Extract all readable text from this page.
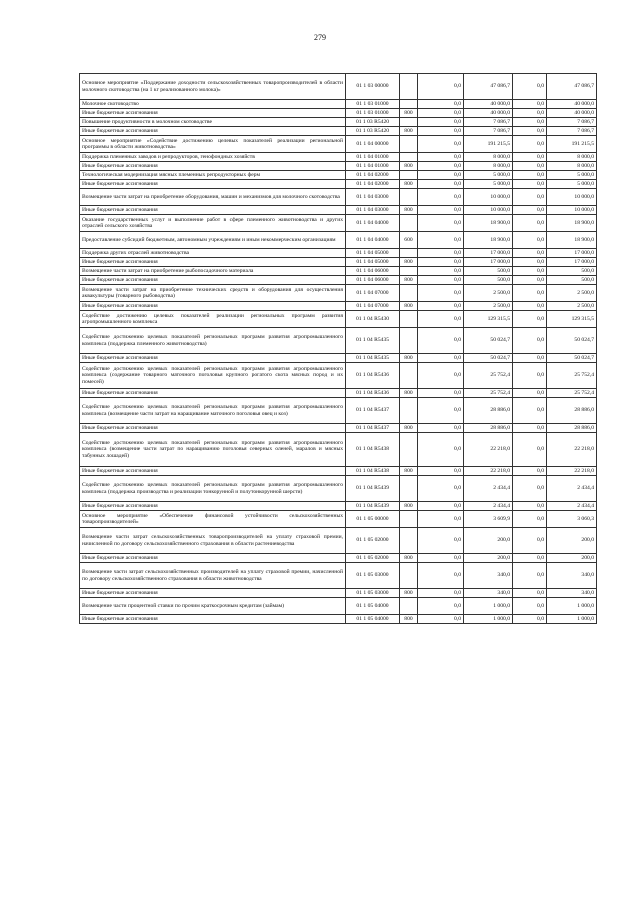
279
Основное мероприятие «Поддержание доходности сельскохозяйственных товаропроизводителей в области молочного скотоводства (на 1 кг реализованного молока)»	01 1 03 00000		0,0	47 086,7	0,0	47 086,7
Молочное скотоводство	01 1 03 01000		0,0	40 000,0	0,0	40 000,0
Иные бюджетные ассигнования	01 1 03 01000	800	0,0	40 000,0	0,0	40 000,0
Повышение продуктивности в молочном скотоводстве	01 1 03 R5420		0,0	7 086,7	0,0	7 086,7
Иные бюджетные ассигнования	01 1 03 R5420	800	0,0	7 086,7	0,0	7 086,7
Основное мероприятие «Содействие достижению целевых показателей реализации региональной программы в области животноводства»	01 1 04 00000		0,0	191 215,5	0,0	191 215,5
Поддержка племенных заводов и репродукторов, генофондных хозяйств	01 1 04 01000		0,0	8 000,0	0,0	8 000,0
Иные бюджетные ассигнования	01 1 04 01000	800	0,0	8 000,0	0,0	8 000,0
Технологическая модернизация мясных племенных репродукторных ферм	01 1 04 02000		0,0	5 000,0	0,0	5 000,0
Иные бюджетные ассигнования	01 1 04 02000	800	0,0	5 000,0	0,0	5 000,0
Возмещение части затрат на приобретение оборудования, машин и механизмов для молочного скотоводства	01 1 04 03000		0,0	10 000,0	0,0	10 000,0
Иные бюджетные ассигнования	01 1 04 03000	800	0,0	10 000,0	0,0	10 000,0
Оказание государственных услуг и выполнение работ в сфере племенного животноводства и других отраслей сельского хозяйства	01 1 04 04000		0,0	18 900,0	0,0	18 900,0
Предоставление субсидий бюджетным, автономным учреждениям и иным некоммерческим организациям	01 1 04 04000	600	0,0	18 900,0	0,0	18 900,0
Поддержка других отраслей животноводства	01 1 04 05000		0,0	17 000,0	0,0	17 000,0
Иные бюджетные ассигнования	01 1 04 05000	800	0,0	17 000,0	0,0	17 000,0
Возмещение части затрат на приобретение рыбопосадочного материала	01 1 04 06000		0,0	500,0	0,0	500,0
Иные бюджетные ассигнования	01 1 04 06000	800	0,0	500,0	0,0	500,0
Возмещение части затрат на приобретение технических средств и оборудования для осуществления аквакультуры (товарного рыбоводства)	01 1 04 07000		0,0	2 500,0	0,0	2 500,0
Иные бюджетные ассигнования	01 1 04 07000	800	0,0	2 500,0	0,0	2 500,0
Содействие достижению целевых показателей реализации региональных программ развития агропромышленного комплекса	01 1 04 R5430		0,0	129 315,5	0,0	129 315,5
Содействие достижению целевых показателей региональных программ развития агропромышленного комплекса (поддержка племенного животноводства)	01 1 04 R5435		0,0	50 024,7	0,0	50 024,7
Иные бюджетные ассигнования	01 1 04 R5435	800	0,0	50 024,7	0,0	50 024,7
Содействие достижению целевых показателей региональных программ развития агропромышленного комплекса (содержание товарного маточного поголовья крупного рогатого скота мясных пород и их помесей)	01 1 04 R5436		0,0	25 752,4	0,0	25 752,4
Иные бюджетные ассигнования	01 1 04 R5436	800	0,0	25 752,4	0,0	25 752,4
Содействие достижению целевых показателей региональных программ развития агропромышленного комплекса (возмещение части затрат на наращивание маточного поголовья овец и коз)	01 1 04 R5437		0,0	28 886,0	0,0	28 886,0
Иные бюджетные ассигнования	01 1 04 R5437	800	0,0	28 886,0	0,0	28 886,0
Содействие достижению целевых показателей региональных программ развития агропромышленного комплекса (возмещение части затрат по наращиванию поголовья северных оленей, маралов и мясных табунных лошадей)	01 1 04 R5438		0,0	22 218,0	0,0	22 218,0
Иные бюджетные ассигнования	01 1 04 R5438	800	0,0	22 218,0	0,0	22 218,0
Содействие достижению целевых показателей региональных программ развития агропромышленного комплекса (поддержка производства и реализации тонкорунной и полутонкорунной шерсти)	01 1 04 R5439		0,0	2 434,4	0,0	2 434,4
Иные бюджетные ассигнования	01 1 04 R5439	800	0,0	2 434,4	0,0	2 434,4
Основное мероприятие «Обеспечение финансовой устойчивости сельскохозяйственных товаропроизводителей»	01 1 05 00000		0,0	3 609,9	0,0	3 060,3
Возмещение части затрат сельскохозяйственных товаропроизводителей на уплату страховой премии, начисленной по договору сельскохозяйственного страхования в области растениеводства	01 1 05 02000		0,0	200,0	0,0	200,0
Иные бюджетные ассигнования	01 1 05 02000	800	0,0	200,0	0,0	200,0
Возмещение части затрат сельскохозяйственных производителей на уплату страховой премии, начисленной по договору сельскохозяйственного страхования в области животноводства	01 1 05 03000		0,0	340,0	0,0	340,0
Иные бюджетные ассигнования	01 1 05 03000	800	0,0	340,0	0,0	340,0
Возмещение части процентной ставки по прочим краткосрочным кредитам (займам)	01 1 05 04000		0,0	1 000,0	0,0	1 000,0
Иные бюджетные ассигнования	01 1 05 04000	800	0,0	1 000,0	0,0	1 000,0
